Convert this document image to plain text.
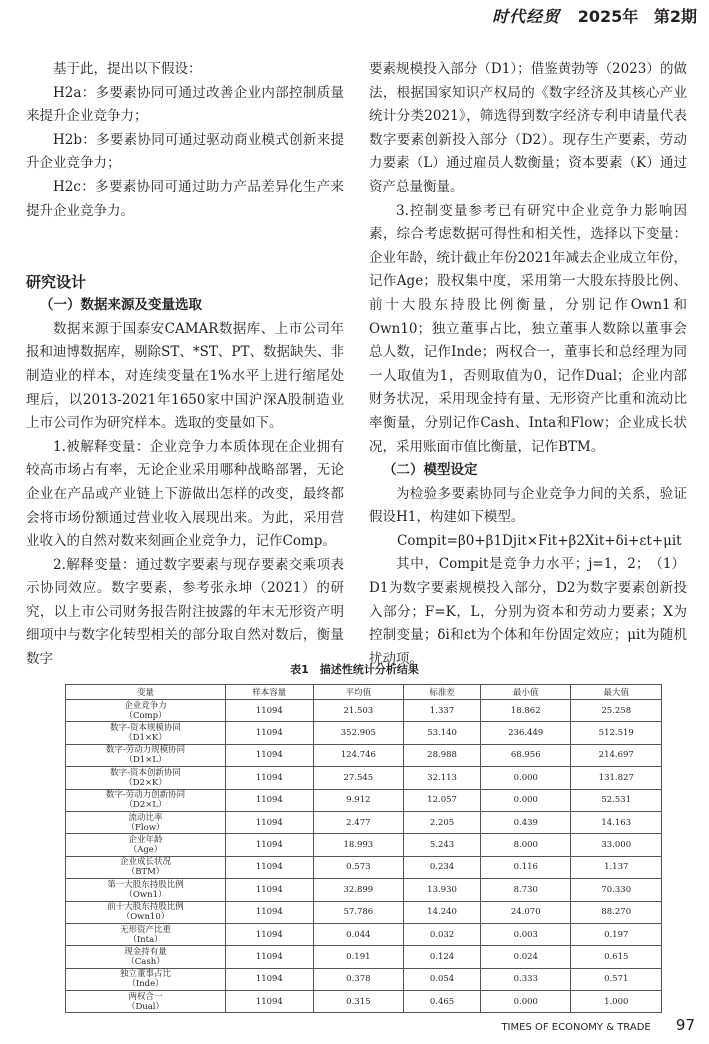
时代经贸 2025年 第2期

基于此，提出以下假设：

H2a：多要素协同可通过改善企业内部控制质量来提升企业竞争力；

H2b：多要素协同可通过驱动商业模式创新来提升企业竞争力；

H2c：多要素协同可通过助力产品差异化生产来提升企业竞争力。

研究设计

（一）数据来源及变量选取

数据来源于国泰安CAMAR数据库、上市公司年报和迪博数据库，剔除ST、*ST、PT、数据缺失、非制造业的样本，对连续变量在1%水平上进行缩尾处理后，以2013-2021年1650家中国沪深A股制造业上市公司作为研究样本。选取的变量如下。

1.被解释变量：企业竞争力本质体现在企业拥有较高市场占有率，无论企业采用哪种战略部署，无论企业在产品或产业链上下游做出怎样的改变，最终都会将市场份额通过营业收入展现出来。为此，采用营业收入的自然对数来刻画企业竞争力，记作Comp。

2.解释变量：通过数字要素与现存要素交乘项表示协同效应。数字要素，参考张永坤（2021）的研究，以上市公司财务报告附注披露的年末无形资产明细项中与数字化转型相关的部分取自然对数后，衡量数字

要素规模投入部分（D1）；借鉴黄勃等（2023）的做法，根据国家知识产权局的《数字经济及其核心产业统计分类2021》，筛选得到数字经济专利申请量代表数字要素创新投入部分（D2）。现存生产要素，劳动力要素（L）通过雇员人数衡量；资本要素（K）通过资产总量衡量。

3.控制变量参考已有研究中企业竞争力影响因素，综合考虑数据可得性和相关性，选择以下变量：企业年龄，统计截止年份2021年减去企业成立年份，记作Age；股权集中度，采用第一大股东持股比例、前十大股东持股比例衡量，分别记作Own1和Own10；独立董事占比，独立董事人数除以董事会总人数，记作Inde；两权合一，董事长和总经理为同一人取值为1，否则取值为0，记作Dual；企业内部财务状况，采用现金持有量、无形资产比重和流动比率衡量，分别记作Cash、Inta和Flow；企业成长状况，采用账面市值比衡量，记作BTM。

（二）模型设定

为检验多要素协同与企业竞争力间的关系，验证假设H1，构建如下模型。

Compit=β0+β1Djit×Fit+β2Xit+δi+εt+μit
（1）

其中，Compit是竞争力水平；j=1，2；D1为数字要素规模投入部分，D2为数字要素创新投入部分；F=K，L，分别为资本和劳动力要素；X为控制变量；δi和εt为个体和年份固定效应；μit为随机扰动项。

表1　描述性统计分析结果
变量	样本容量	平均值	标准差	最小值	最大值

企业竞争力
（Comp）	11094	21.503	1.337	18.862	25.258

数字-资本规模协同
（D1×K）	11094	352.905	53.140	236.449	512.519

数字-劳动力规模协同
（D1×L）	11094	124.746	28.988	68.956	214.697

数字-资本创新协同
（D2×K）	11094	27.545	32.113	0.000	131.827

数字-劳动力创新协同
（D2×L）	11094	9.912	12.057	0.000	52.531

流动比率
（Flow）	11094	2.477	2.205	0.439	14.163

企业年龄
（Age）	11094	18.993	5.243	8.000	33.000

企业成长状况
（BTM）	11094	0.573	0.234	0.116	1.137

第一大股东持股比例
（Own1）	11094	32.899	13.930	8.730	70.330

前十大股东持股比例
（Own10）	11094	57.786	14.240	24.070	88.270

无形资产比重
（Inta）	11094	0.044	0.032	0.003	0.197

现金持有量
（Cash）	11094	0.191	0.124	0.024	0.615

独立董事占比
（Inde）	11094	0.378	0.054	0.333	0.571

两权合一
（Dual）	11094	0.315	0.465	0.000	1.000
TIMES OF ECONOMY & TRADE 97
